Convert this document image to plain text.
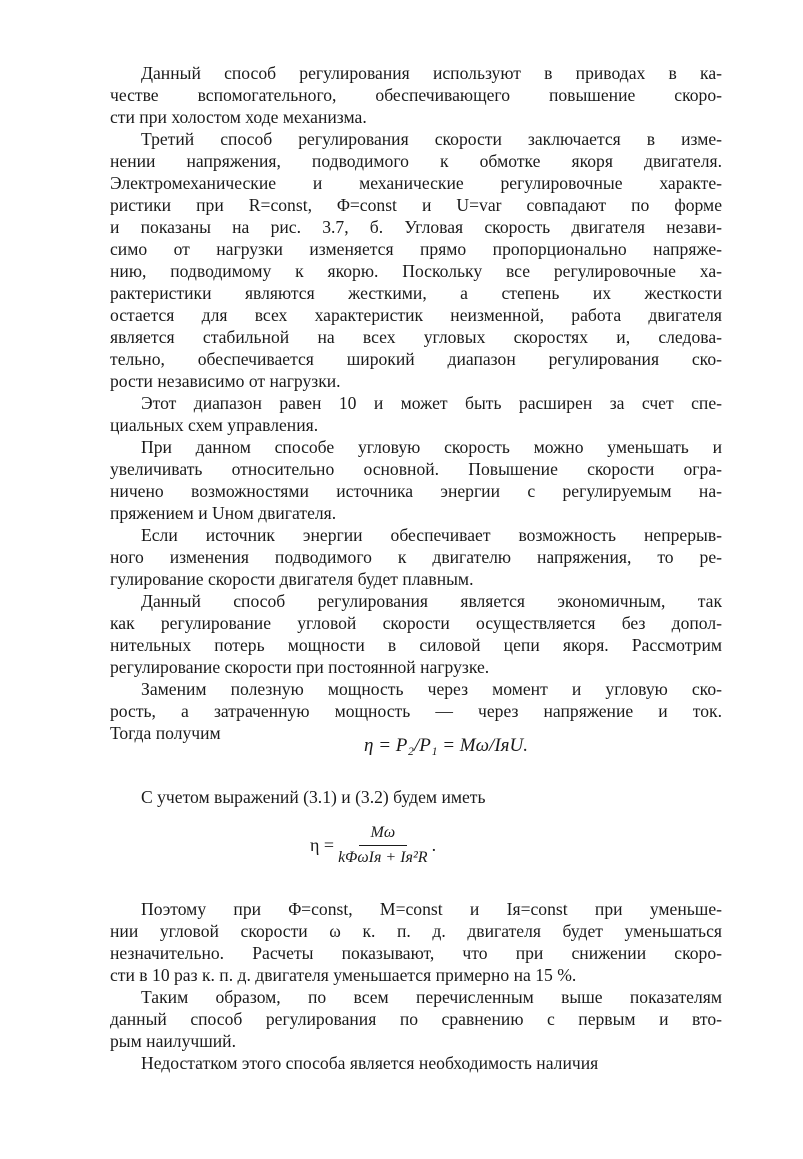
Данный способ регулирования используют в приводах в ка-
честве вспомогательного, обеспечивающего повышение скоро-
сти при холостом ходе механизма.
Третий способ регулирования скорости заключается в изме-
нении напряжения, подводимого к обмотке якоря двигателя.
Электромеханические и механические регулировочные характе-
ристики при R=const, Φ=const и U=var совпадают по форме
и показаны на рис. 3.7, б. Угловая скорость двигателя незави-
симо от нагрузки изменяется прямо пропорционально напряже-
нию, подводимому к якорю. Поскольку все регулировочные ха-
рактеристики являются жесткими, а степень их жесткости
остается для всех характеристик неизменной, работа двигателя
является стабильной на всех угловых скоростях и, следова-
тельно, обеспечивается широкий диапазон регулирования ско-
рости независимо от нагрузки.
Этот диапазон равен 10 и может быть расширен за счет спе-
циальных схем управления.
При данном способе угловую скорость можно уменьшать и
увеличивать относительно основной. Повышение скорости огра-
ничено возможностями источника энергии с регулируемым на-
пряжением и Uном двигателя.
Если источник энергии обеспечивает возможность непрерыв-
ного изменения подводимого к двигателю напряжения, то ре-
гулирование скорости двигателя будет плавным.
Данный способ регулирования является экономичным, так
как регулирование угловой скорости осуществляется без допол-
нительных потерь мощности в силовой цепи якоря. Рассмотрим
регулирование скорости при постоянной нагрузке.
Заменим полезную мощность через момент и угловую ско-
рость, а затраченную мощность — через напряжение и ток.
Тогда получим
η = P₂/P₁ = Mω/IяU.
С учетом выражений (3.1) и (3.2) будем иметь
$\eta = \frac{M\omega}{\text{kΦωIя + Iя²R}}$ .
Поэтому при Φ=const, M=const и Iя=const при уменьше-
нии угловой скорости ω к. п. д. двигателя будет уменьшаться
незначительно. Расчеты показывают, что при снижении скоро-
сти в 10 раз к. п. д. двигателя уменьшается примерно на 15 %.
Таким образом, по всем перечисленным выше показателям
данный способ регулирования по сравнению с первым и вто-
рым наилучший.
Недостатком этого способа является необходимость наличия
